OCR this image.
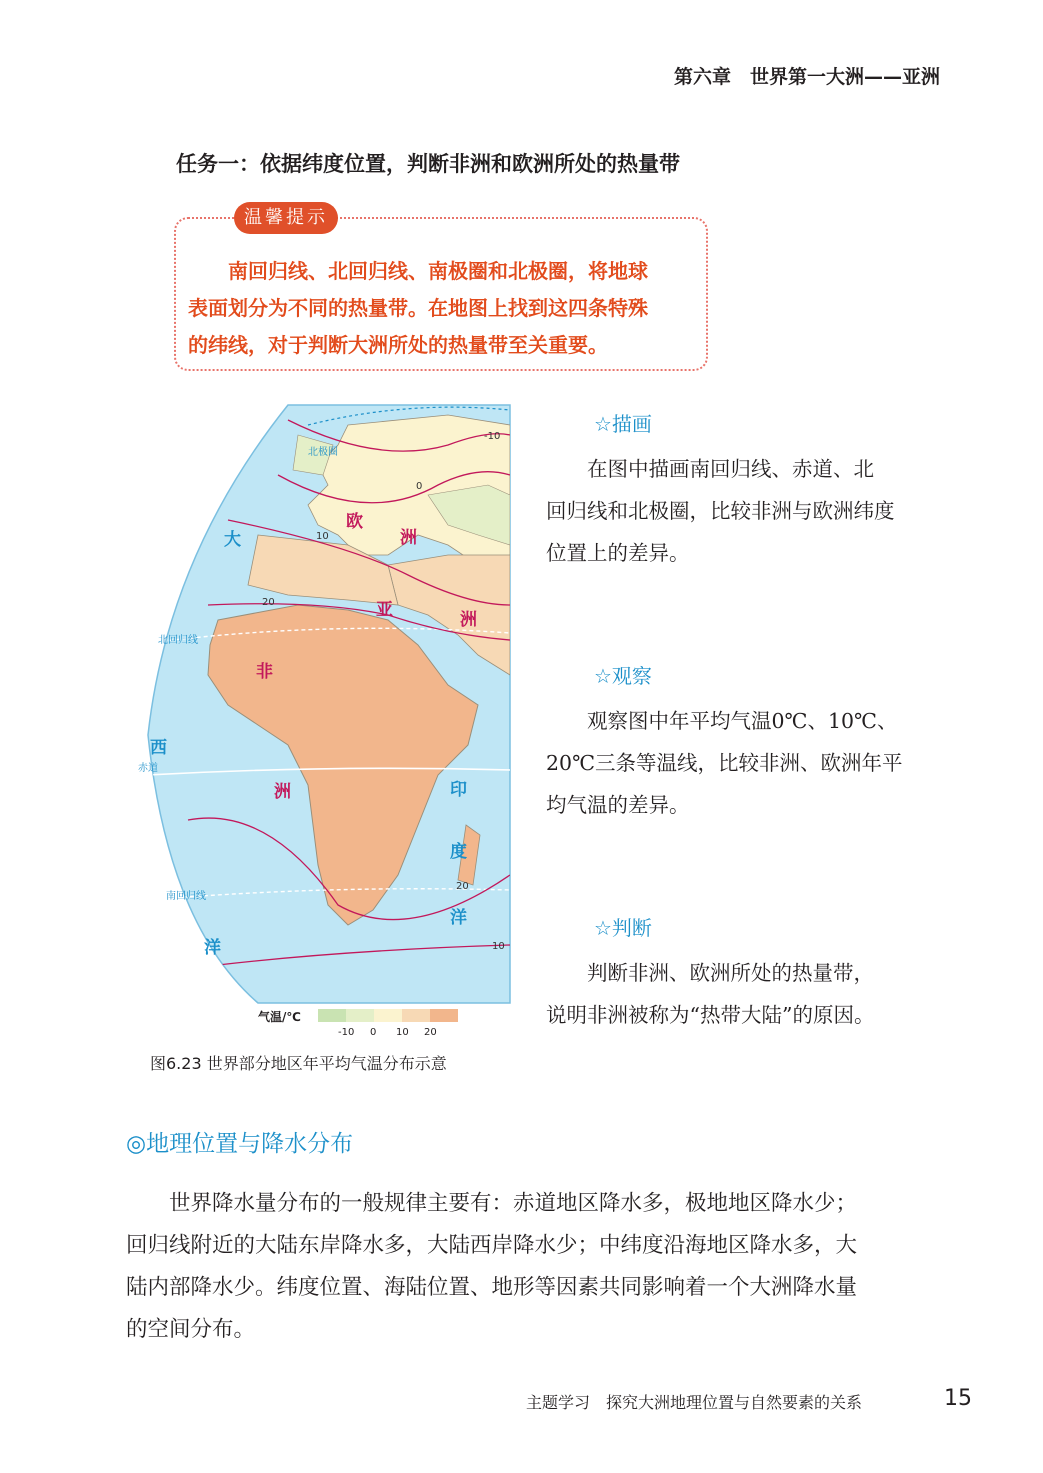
第六章　世界第一大洲——亚洲
任务一：依据纬度位置，判断非洲和欧洲所处的热量带
温馨提示
　　南回归线、北回归线、南极圈和北极圈，将地球
表面划分为不同的热量带。在地图上找到这四条特殊
的纬线，对于判断大洲所处的热量带至关重要。
欧
洲
亚	洲
非
洲
大
西
洋
印
度
洋
北回归线
赤道
南回归线
北极圈
-10
0
10
20
20
10
气温/℃
-10 0 10 20
图6.23 世界部分地区年平均气温分布示意
☆描画
　　在图中描画南回归线、赤道、北
回归线和北极圈，比较非洲与欧洲纬度
位置上的差异。
☆观察
　　观察图中年平均气温0℃、10℃、
20℃三条等温线，比较非洲、欧洲年平
均气温的差异。
☆判断
　　判断非洲、欧洲所处的热量带，
说明非洲被称为“热带大陆”的原因。
◎地理位置与降水分布
　　世界降水量分布的一般规律主要有：赤道地区降水多，极地地区降水少；
回归线附近的大陆东岸降水多，大陆西岸降水少；中纬度沿海地区降水多，大
陆内部降水少。纬度位置、海陆位置、地形等因素共同影响着一个大洲降水量
的空间分布。
主题学习　探究大洲地理位置与自然要素的关系	15
